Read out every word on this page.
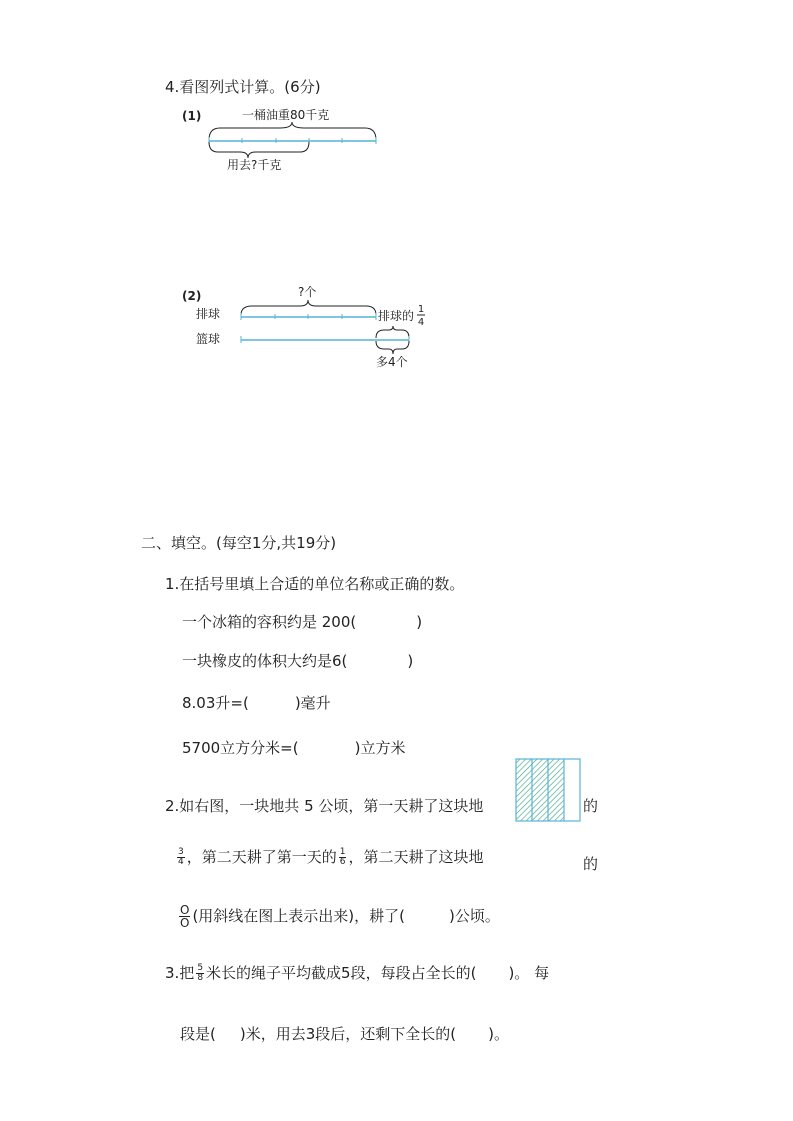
4.看图列式计算。(6分)
(1)	一桶油重80千克
用去?千克
(2)	?个
排球	排球的 1
4
篮球
多4个
二、填空。(每空1分,共19分)
1.在括号里填上合适的单位名称或正确的数。
一个冰箱的容积约是 200(	)
一块橡皮的体积大约是6(	)
8.03升=(	)毫升
5700立方分米=(	)立方米
2.如右图，一块地共 5 公顷，第一天耕了这块地	的
$\frac{3}{4}$ ，第二天耕了第一天的 $\frac{1}{6}$ ，第二天耕了这块地	的
$\frac{O}{O}$ (用斜线在图上表示出来)，耕了(	)公顷。
3.把 $\frac{5}{8}$ 米长的绳子平均截成5段，每段占全长的( )。 每
段是( )米，用去3段后，还剩下全长的( )。
